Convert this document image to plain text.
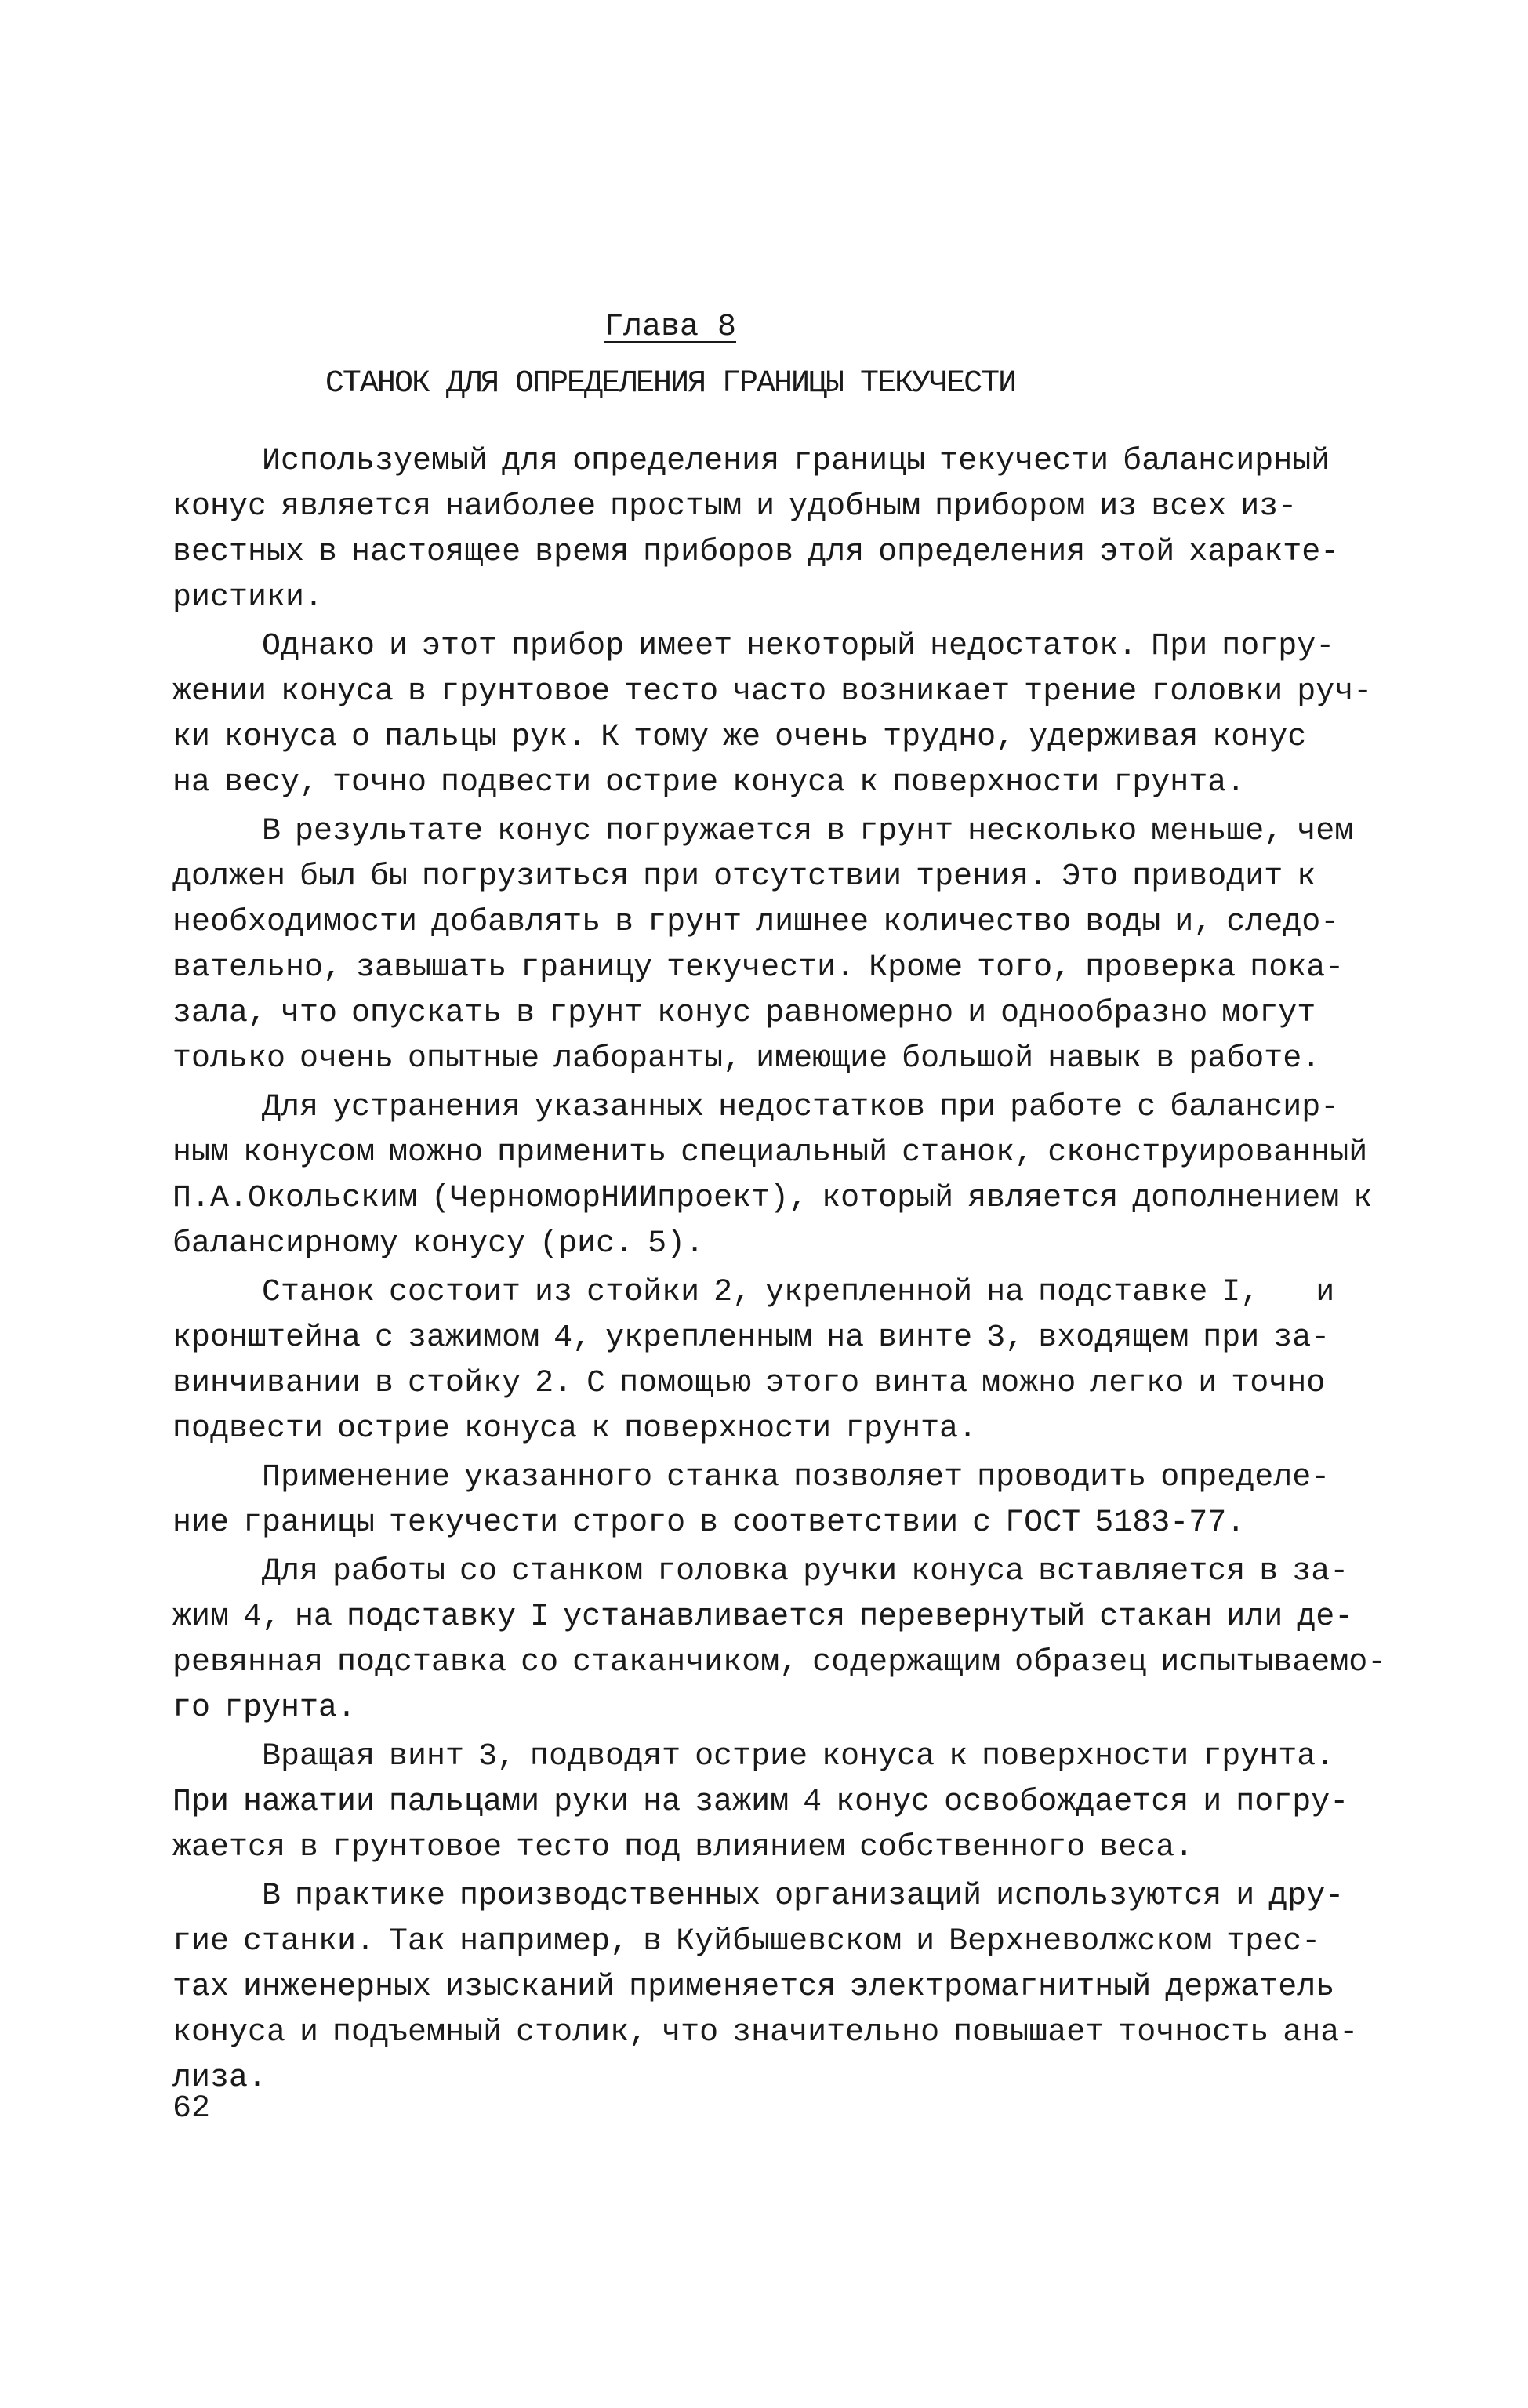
Глава 8
СТАНОК ДЛЯ ОПРЕДЕЛЕНИЯ ГРАНИЦЫ ТЕКУЧЕСТИ
Используемый для определения границы текучести балансирный
конус является наиболее простым и удобным прибором из всех из-
вестных в настоящее время приборов для определения этой характе-
ристики.
Однако и этот прибор имеет некоторый недостаток. При погру-
жении конуса в грунтовое тесто часто возникает трение головки руч-
ки конуса о пальцы рук. К тому же очень трудно, удерживая конус
на весу, точно подвести острие конуса к поверхности грунта.
В результате конус погружается в грунт несколько меньше, чем
должен был бы погрузиться при отсутствии трения. Это приводит к
необходимости добавлять в грунт лишнее количество воды и, следо-
вательно, завышать границу текучести. Кроме того, проверка пока-
зала, что опускать в грунт конус равномерно и однообразно могут
только очень опытные лаборанты, имеющие большой навык в работе.
Для устранения указанных недостатков при работе с балансир-
ным конусом можно применить специальный станок, сконструированный
П.А.Окольским (ЧерноморНИИпроект), который является дополнением к
балансирному конусу (рис. 5).
Станок состоит из стойки 2, укрепленной на подставке I,    и
кронштейна с зажимом 4, укрепленным на винте 3, входящем при за-
винчивании в стойку 2. С помощью этого винта можно легко и точно
подвести острие конуса к поверхности грунта.
Применение указанного станка позволяет проводить определе-
ние границы текучести строго в соответствии с ГОСТ 5183-77.
Для работы со станком головка ручки конуса вставляется в за-
жим 4, на подставку I устанавливается перевернутый стакан или де-
ревянная подставка со стаканчиком, содержащим образец испытываемо-
го грунта.
Вращая винт 3, подводят острие конуса к поверхности грунта.
При нажатии пальцами руки на зажим 4 конус освобождается и погру-
жается в грунтовое тесто под влиянием собственного веса.
В практике производственных организаций используются и дру-
гие станки. Так например, в Куйбышевском и Верхневолжском трес-
тах инженерных изысканий применяется электромагнитный держатель
конуса и подъемный столик, что значительно повышает точность ана-
лиза.
62
